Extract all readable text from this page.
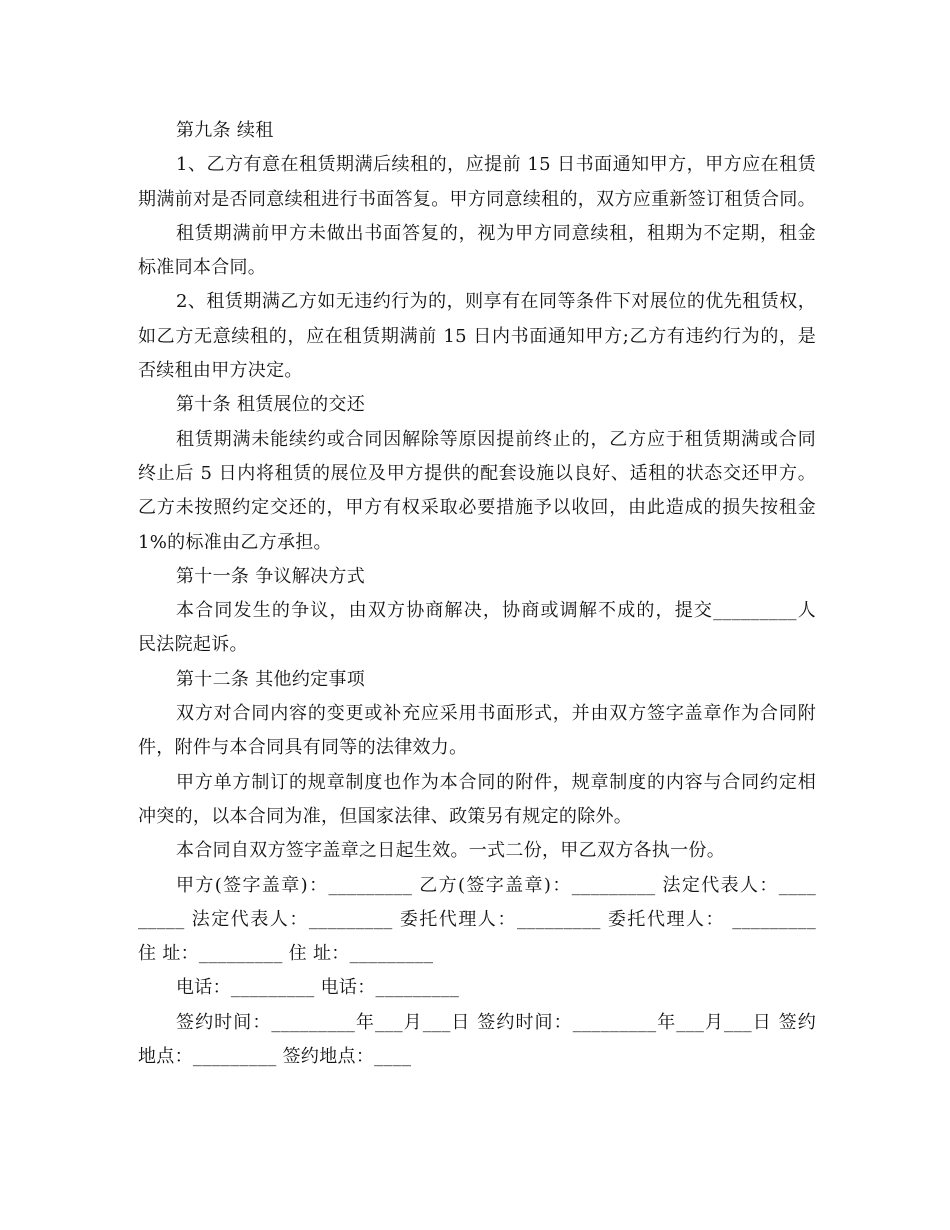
第九条 续租
1、乙方有意在租赁期满后续租的，应提前 15 日书面通知甲方，甲方应在租赁
期满前对是否同意续租进行书面答复。甲方同意续租的，双方应重新签订租赁合同。
租赁期满前甲方未做出书面答复的，视为甲方同意续租，租期为不定期，租金
标准同本合同。
2、租赁期满乙方如无违约行为的，则享有在同等条件下对展位的优先租赁权，
如乙方无意续租的，应在租赁期满前 15 日内书面通知甲方;乙方有违约行为的，是
否续租由甲方决定。
第十条 租赁展位的交还
租赁期满未能续约或合同因解除等原因提前终止的，乙方应于租赁期满或合同
终止后 5 日内将租赁的展位及甲方提供的配套设施以良好、适租的状态交还甲方。
乙方未按照约定交还的，甲方有权采取必要措施予以收回，由此造成的损失按租金
1%的标准由乙方承担。
第十一条 争议解决方式
本合同发生的争议，由双方协商解决，协商或调解不成的，提交_________人
民法院起诉。
第十二条 其他约定事项
双方对合同内容的变更或补充应采用书面形式，并由双方签字盖章作为合同附
件，附件与本合同具有同等的法律效力。
甲方单方制订的规章制度也作为本合同的附件，规章制度的内容与合同约定相
冲突的，以本合同为准，但国家法律、政策另有规定的除外。
本合同自双方签字盖章之日起生效。一式二份，甲乙双方各执一份。
甲方(签字盖章)：_________ 乙方(签字盖章)：_________ 法定代表人：____
_____ 法定代表人：_________ 委托代理人：_________ 委托代理人： _________
住 址：_________ 住 址：_________
电话：_________ 电话：_________
签约时间：_________年___月___日 签约时间：_________年___月___日 签约
地点：_________ 签约地点：____
